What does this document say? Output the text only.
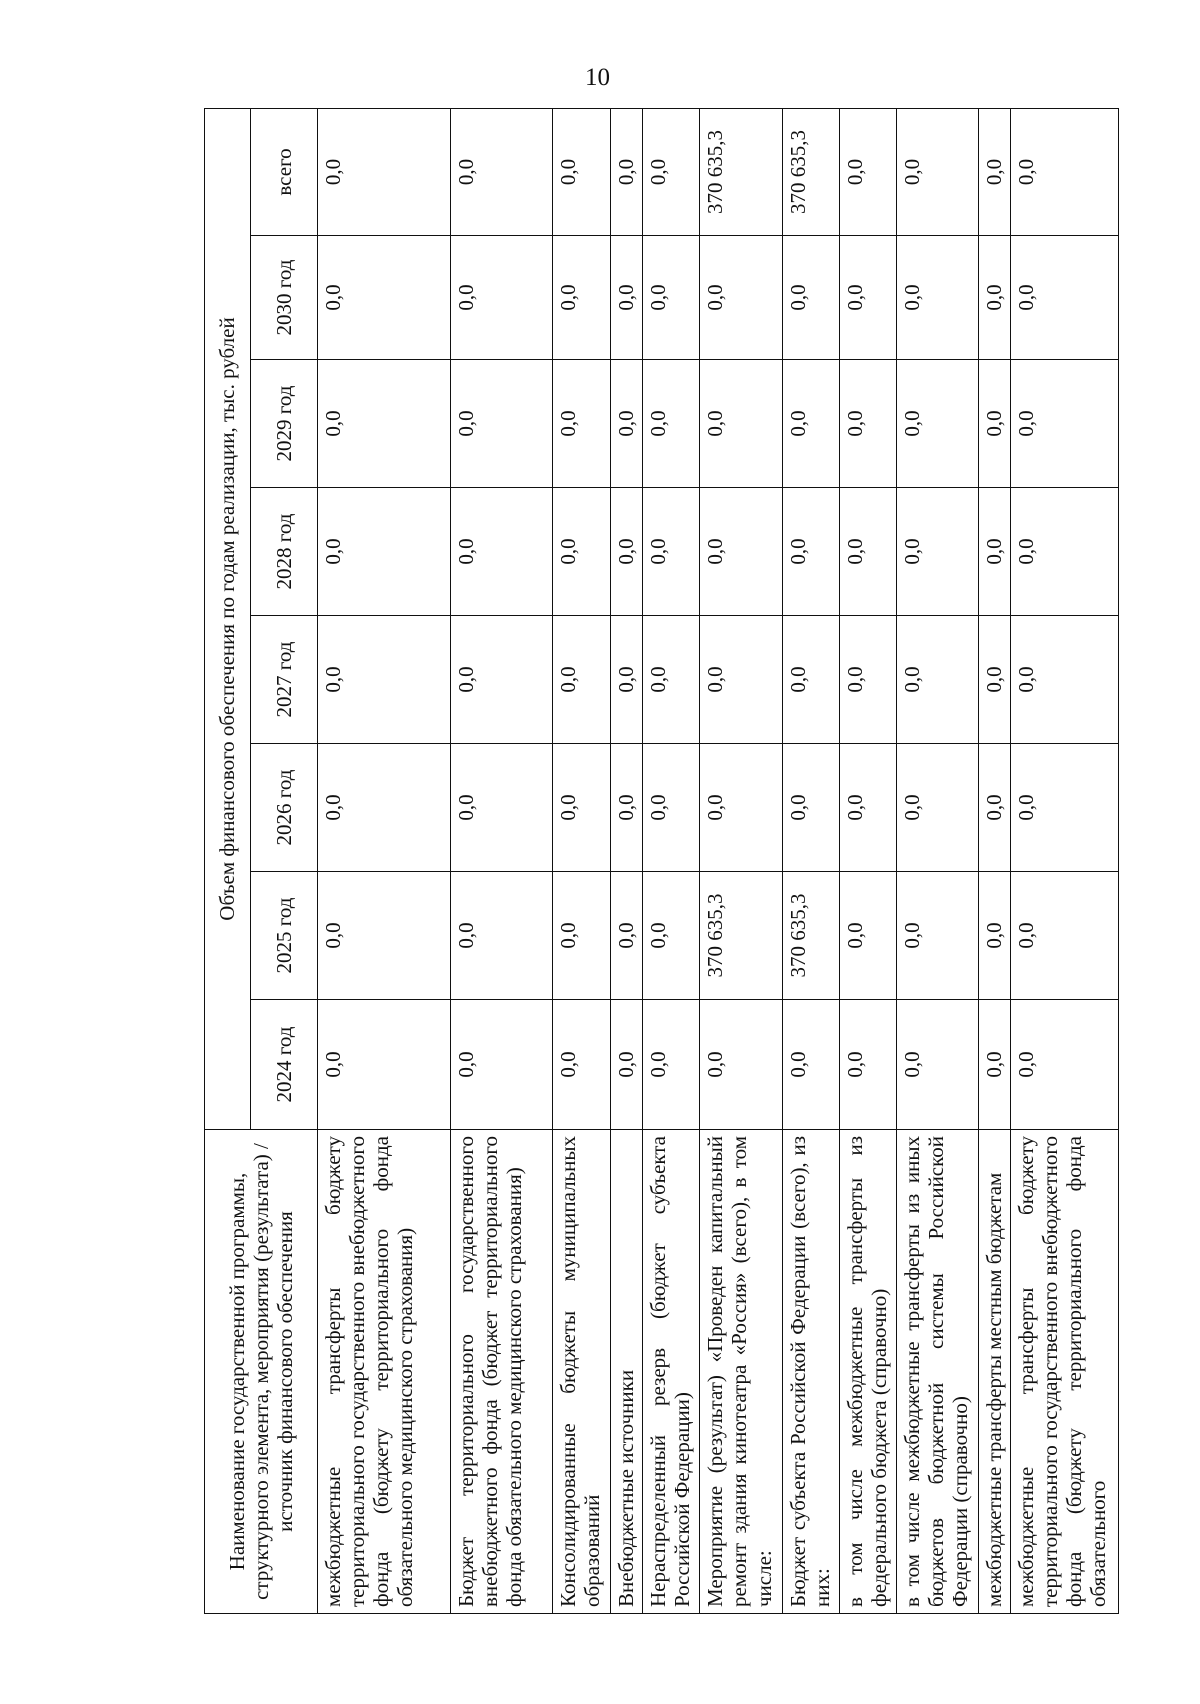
10
Наименование государственной программы, структурного элемента, мероприятия (результата) / источник финансового обеспечения	Объем финансового обеспечения по годам реализации, тыс. рублей							
	2024 год	2025 год	2026 год	2027 год	2028 год	2029 год	2030 год	всего
межбюджетные трансферты бюджету территориального государственного внебюджетного фонда (бюджету территориального фонда обязательного медицинского страхования)	0,0	0,0	0,0	0,0	0,0	0,0	0,0	0,0
Бюджет территориального государственного внебюджетного фонда (бюджет территориального фонда обязательного медицинского страхования)	0,0	0,0	0,0	0,0	0,0	0,0	0,0	0,0
Консолидированные бюджеты муниципальных образований	0,0	0,0	0,0	0,0	0,0	0,0	0,0	0,0
Внебюджетные источники	0,0	0,0	0,0	0,0	0,0	0,0	0,0	0,0
Нераспределенный резерв (бюджет субъекта Российской Федерации)	0,0	0,0	0,0	0,0	0,0	0,0	0,0	0,0
Мероприятие (результат) «Проведен капитальный ремонт здания кинотеатра «Россия» (всего), в том числе:	0,0	370 635,3	0,0	0,0	0,0	0,0	0,0	370 635,3
Бюджет субъекта Российской Федерации (всего), из них:	0,0	370 635,3	0,0	0,0	0,0	0,0	0,0	370 635,3
в том числе межбюджетные трансферты из федерального бюджета (справочно)	0,0	0,0	0,0	0,0	0,0	0,0	0,0	0,0
в том числе межбюджетные трансферты из иных бюджетов бюджетной системы Российской Федерации (справочно)	0,0	0,0	0,0	0,0	0,0	0,0	0,0	0,0
межбюджетные трансферты местным бюджетам	0,0	0,0	0,0	0,0	0,0	0,0	0,0	0,0
межбюджетные трансферты бюджету территориального государственного внебюджетного фонда (бюджету территориального фонда обязательного	0,0	0,0	0,0	0,0	0,0	0,0	0,0	0,0
